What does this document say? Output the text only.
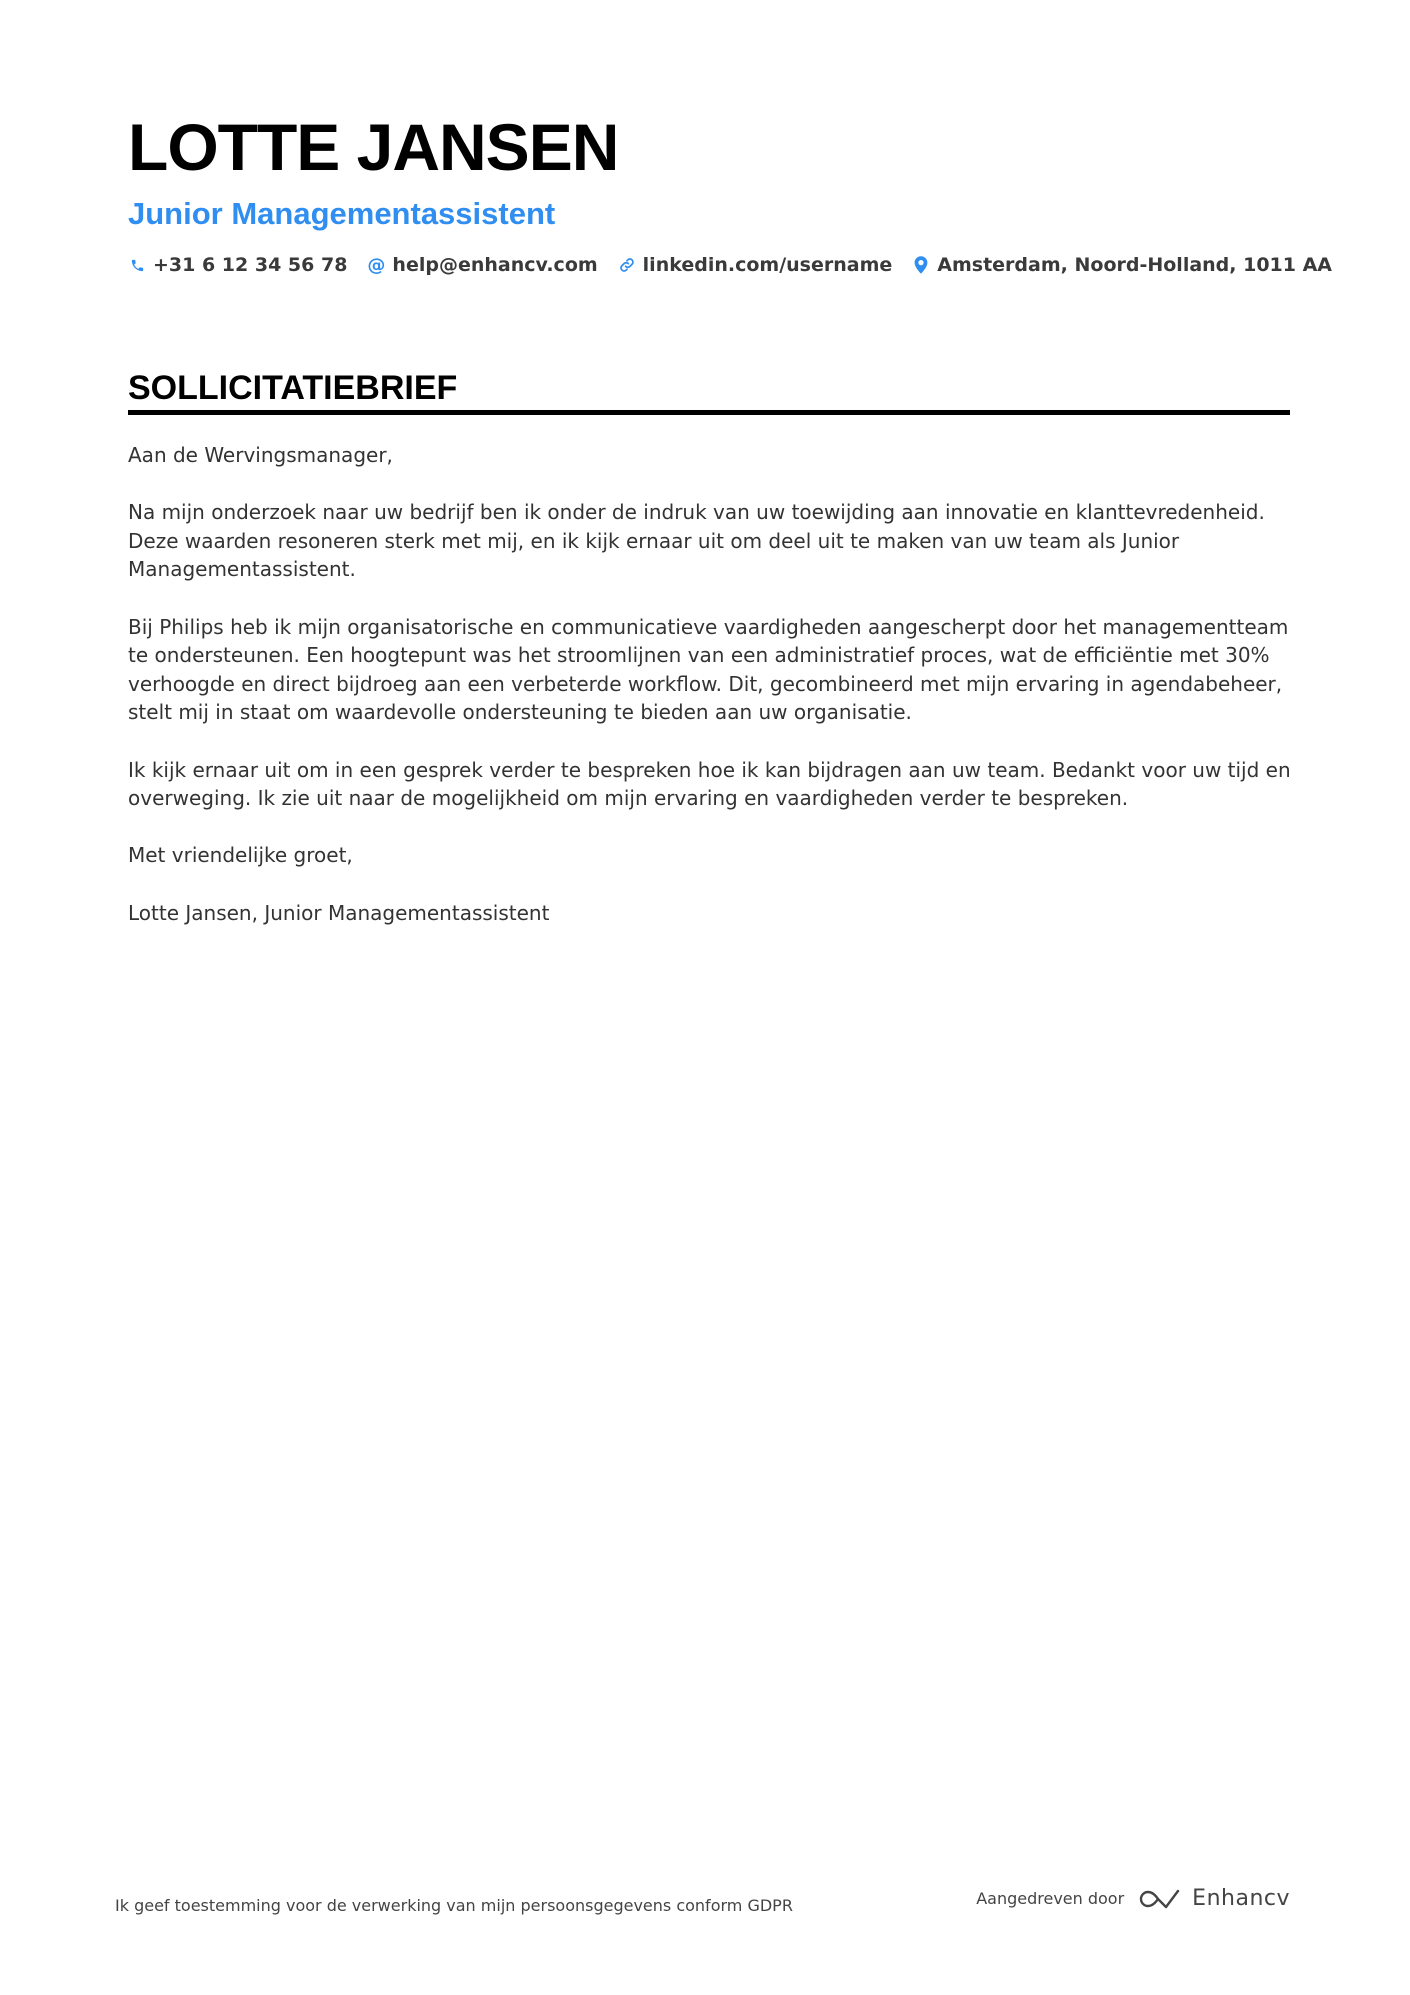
LOTTE JANSEN
Junior Managementassistent
+31 6 12 34 56 78 @ help@enhancv.com linkedin.com/username Amsterdam, Noord-Holland, 1011 AA
SOLLICITATIEBRIEF

Aan de Wervingsmanager,

Na mijn onderzoek naar uw bedrijf ben ik onder de indruk van uw toewijding aan innovatie en klanttevredenheid. Deze waarden resoneren sterk met mij, en ik kijk ernaar uit om deel uit te maken van uw team als Junior Managementassistent.

Bij Philips heb ik mijn organisatorische en communicatieve vaardigheden aangescherpt door het managementteam te ondersteunen. Een hoogtepunt was het stroomlijnen van een administratief proces, wat de efficiëntie met 30% verhoogde en direct bijdroeg aan een verbeterde workflow. Dit, gecombineerd met mijn ervaring in agendabeheer, stelt mij in staat om waardevolle ondersteuning te bieden aan uw organisatie.

Ik kijk ernaar uit om in een gesprek verder te bespreken hoe ik kan bijdragen aan uw team. Bedankt voor uw tijd en overweging. Ik zie uit naar de mogelijkheid om mijn ervaring en vaardigheden verder te bespreken.

Met vriendelijke groet,

Lotte Jansen, Junior Managementassistent

Ik geef toestemming voor de verwerking van mijn persoonsgegevens conform GDPR	Aangedreven door	Enhancv
